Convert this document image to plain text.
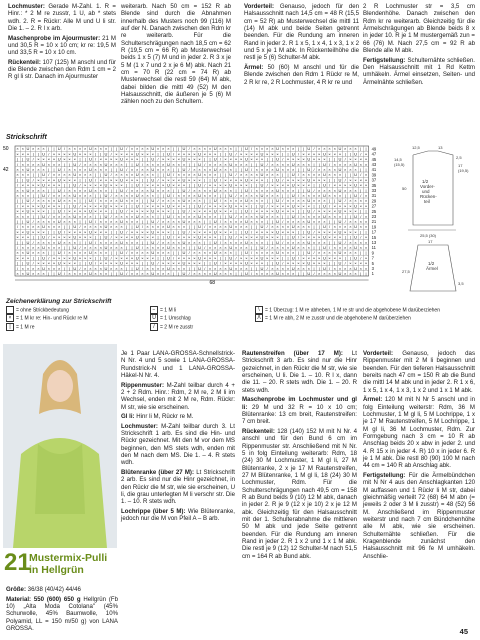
Lochmuster: Gerade M-Zahl. 1. R = Hinr.: * 2 M re zusstr, 1 U, ab * stets wdh. 2. R = Rückr: Alle M und U li str. Die 1. – 2. R l x arb.

Maschenprobe im Ajourmuster: 21 M und 30,5 R = 10 x 10 cm; kr re: 19,5 M und 33,5 R = 10 x 10 cm.

Rückenteil: 107 (125) M anschl und für die Blende zwischen den Rdm 1 cm = 2 R gl li str. Danach im Ajourmuster

weiterarb. Nach 50 cm = 152 R ab Blende sind durch die Abnahmen innerhalb des Musters noch 99 (116) M auf der N. Danach zwischen den Rdm kr re weiterarb. Für die Schulterschrägungen nach 18,5 cm = 62 R (19,5 cm = 66 R) ab Musterwechsel beids 1 x 5 (7) M und in jeder 2. R 3 x je 5 M (1 x 7 und 2 x je 6 M) abk. Nach 21 cm = 70 R (22 cm = 74 R) ab Musterwechsel die restl 59 (64) M abk, dabei bilden die mittl 49 (52) M den Halsausschnitt, die äußeren je 5 (6) M zählen noch zu den Schultern.

Vorderteil: Genauso, jedoch für den Halsausschnitt nach 14,5 cm = 48 R (15,5 cm = 52 R) ab Musterwechsel die mittl 11 (14) M abk und beide Seiten getrennt beenden. Für die Rundung am inneren Rand in jeder 2. R 1 x 5, 1 x 4, 1 x 3, 1 x 2 und 5 x je 1 M abk. In Rückenteilhöhe die restl je 5 (6) Schulter-M abk.

Ärmel: 50 (60) M anschl und für die Blende zwischen den Rdm 1 Rückr re M, 2 R kr re, 2 R Lochmuster, 4 R kr re und

2 R Lochmuster str = 3,5 cm Blendenhöhe. Danach zwischen den Rdm kr re weiterarb. Gleichzeitig für die Ärmelschrägungen ab Blende beids 8 x in jeder 10. R je 1 M mustergemäß zun = 66 (76) M. Nach 27,5 cm = 92 R ab Blende alle M abk.

Fertigstellung: Schulternähte schließen. Den Halsausschnitt mit 1 Rd Kettm umhäkeln. Ärmel einsetzen, Seiten- und Ärmelnähte schließen.

Strickschrift
× × U × × × | | U / × × × × U × × × | | U / × × × × U × × × | | U / × × × × U × × × | | U / × × × × U × × × | | U / × × × × U × × × | | 49
× × × | | U / × × × × U × × × | | U / × × × × U × × × | | U / × × × × U × × × | | U / × × × × U × × × | | U / × × × × U × × × | | U / × 47
| | U / × × × × U × × × | | U / × × × × U × × × | | U / × × × × U × × × | | U / × × × × U × × × | | U / × × × × U × × × | | U / × × × × 45
/ × × × × U × × × | | U / × × × × U × × × | | U / × × × × U × × × | | U / × × × × U × × × | | U / × × × × U × × × | | U / × × × × U × × 43
× × U × × × | | U / × × × × U × × × | | U / × × × × U × × × | | U / × × × × U × × × | | U / × × × × U × × × | | U / × × × × U × × × | | 41
× × × | | U / × × × × U × × × | | U / × × × × U × × × | | U / × × × × U × × × | | U / × × × × U × × × | | U / × × × × U × × × | | U / × 39
| | U / × × × × U × × × | | U / × × × × U × × × | | U / × × × × U × × × | | U / × × × × U × × × | | U / × × × × U × × × | | U / × × × × 37
/ × × × × U × × × | | U / × × × × U × × × | | U / × × × × U × × × | | U / × × × × U × × × | | U / × × × × U × × × | | U / × × × × U × × 35
× × U × × × | | U / × × × × U × × × | | U / × × × × U × × × | | U / × × × × U × × × | | U / × × × × U × × × | | U / × × × × U × × × | | 33
× × × | | U / × × × × U × × × | | U / × × × × U × × × | | U / × × × × U × × × | | U / × × × × U × × × | | U / × × × × U × × × | | U / × 31
| | U / × × × × U × × × | | U / × × × × U × × × | | U / × × × × U × × × | | U / × × × × U × × × | | U / × × × × U × × × | | U / × × × × 29
/ × × × × U × × × | | U / × × × × U × × × | | U / × × × × U × × × | | U / × × × × U × × × | | U / × × × × U × × × | | U / × × × × U × × 27
× × U × × × | | U / × × × × U × × × | | U / × × × × U × × × | | U / × × × × U × × × | | U / × × × × U × × × | | U / × × × × U × × × | | 25
× × × | | U / × × × × U × × × | | U / × × × × U × × × | | U / × × × × U × × × | | U / × × × × U × × × | | U / × × × × U × × × | | U / × 23
| | U / × × × × U × × × | | U / × × × × U × × × | | U / × × × × U × × × | | U / × × × × U × × × | | U / × × × × U × × × | | U / × × × × 21
/ × × × × U × × × | | U / × × × × U × × × | | U / × × × × U × × × | | U / × × × × U × × × | | U / × × × × U × × × | | U / × × × × U × × 19
× × U × × × | | U / × × × × U × × × | | U / × × × × U × × × | | U / × × × × U × × × | | U / × × × × U × × × | | U / × × × × U × × × | | 17
× × × | | U / × × × × U × × × | | U / × × × × U × × × | | U / × × × × U × × × | | U / × × × × U × × × | | U / × × × × U × × × | | U / × 15
| | U / × × × × U × × × | | U / × × × × U × × × | | U / × × × × U × × × | | U / × × × × U × × × | | U / × × × × U × × × | | U / × × × × 13
/ × × × × U × × × | | U / × × × × U × × × | | U / × × × × U × × × | | U / × × × × U × × × | | U / × × × × U × × × | | U / × × × × U × × 11
× × U × × × | | U / × × × × U × × × | | U / × × × × U × × × | | U / × × × × U × × × | | U / × × × × U × × × | | U / × × × × U × × × | | 9
× × × | | U / × × × × U × × × | | U / × × × × U × × × | | U / × × × × U × × × | | U / × × × × U × × × | | U / × × × × U × × × | | U / × 7
| | U / × × × × U × × × | | U / × × × × U × × × | | U / × × × × U × × × | | U / × × × × U × × × | | U / × × × × U × × × | | U / × × × × 5
/ × × × × U × × × | | U / × × × × U × × × | | U / × × × × U × × × | | U / × × × × U × × × | | U / × × × × U × × × | | U / × × × × U × × 3
× × U × × × | | U / × × × × U × × × | | U / × × × × U × × × | | U / × × × × U × × × | | U / × × × × U × × × | | U / × × × × U × × × | | 1
50
42
68
12,5	13
2,5
14,5
(15,5)	17
(19,5)
50
1/2 Vorder-und Rücken-teil
25,5 (30)
1/2 Ärmel
17
27,5
3,5
Zeichenerklärung zur Strickschrift
= ohne Strickbedeutung
× = 1 M kr re: Hin- und Rückr re M
| = 1 M re
− = 1 M li
U = 1 Umschlag
/ = 2 M re zusstr
\ = 1 Überzug: 1 M re abheben, 1 M re str und die abgehobene M darüberziehen
Λ = 1 M re abh, 2 M re zusstr und die abgehobene M darüberziehen
21
Mustermix-Pulli
in Hellgrün

Größe: 36/38 (40/42) 44/46

Material: 550 (600) 650 g Hellgrün (Fb 10) „Alta Moda Cotolana" (45% Schurwolle, 45% Baumwolle, 10% Polyamid, LL = 150 m/50 g) von LANA GROSSA.

Je 1 Paar LANA-GROSSA-Schnellstrick-N Nr. 4 und 5 sowie 1 LANA-GROSSA-Rundstrick-N und 1 LANA-GROSSA-Häkel-N Nr. 4.

Rippenmuster: M-Zahl teilbar durch 4 + 2 + 2 Rdm. Hinr.: Rdm, 2 M re, 2 M li im Wechsel, enden mit 2 M re, Rdm. Rückr: M str, wie sie erscheinen.

Gl li: Hinr li M, Rückr re M.

Lochmuster: M-Zahl teilbar durch 3. Lt Strickschrift 1 arb. Es sind die Hin- und Rückr gezeichnet. Mit den M vor dem MS beginnen, den MS stets wdh, enden mit den M nach dem MS. Die 1. – 4. R stets wdh.

Blütenranke (über 27 M): Lt Strickschrift 2 arb. Es sind nur die Hinr gezeichnet, in den Rückr die M str, wie sie erscheinen, U li, die grau unterlegten M li verschr str. Die 1. – 10. R stets wdh.

Lochrippe (über 5 M): Wie Blütenranke, jedoch nur die M von Pfeil A – B arb.

Rautenstreifen (über 17 M): Lt Strickschrift 3 arb. Es sind nur die Hinr gezeichnet, in den Rückr die M str, wie sie erscheinen, U li. Die 1. – 10. R l x, dann die 11. – 20. R stets wdh. Die 1. – 20. R stets wdh.

Maschenprobe im Lochmuster und gl li: 29 M und 32 R = 10 x 10 cm; Blütenranke: 13 cm breit, Rautenstreifen: 7 cm breit.

Rückenteil: 128 (140) 152 M mit N Nr. 4 anschl und für den Bund 6 cm im Rippenmuster str. Anschließend mit N Nr. 5 in folg Einteilung weiterarb: Rdm, 18 (24) 30 M Lochmuster, 1 M gl li, 27 M Blütenranke, 2 x je 17 M Rautenstreifen, 27 M Blütenranke, 1 M gl li, 18 (24) 30 M Lochmuster, Rdm. Für die Schulterschrägungen nach 49,5 cm = 158 R ab Bund beids 9 (10) 12 M abk, danach in jeder 2. R je 9 (12 x je 10) 2 x je 12 M abk. Gleichzeitig für den Halsausschnitt mit der 1. Schulterabnahme die mittleren 50 M abk und jede Seite getrennt beenden. Für die Rundung am inneren Rand in jeder 2. R 1 x 2 und 1 x 1 M abk. Die restl je 9 (12) 12 Schulter-M nach 51,5 cm = 164 R ab Bund abk.

Vorderteil: Genauso, jedoch das Rippenmuster mit 2 M li beginnen und beenden. Für den tieferen Halsausschnitt bereits nach 47 cm = 150 R ab die Bund die mittl 14 M abk und in jeder 2. R 1 x 6, 1 x 5, 1 x 4, 1 x 3, 1 x 2 und 1 x 1 M abk.

Ärmel: 120 M mit N Nr 5 anschl und in folg Einteilung weiterstr: Rdm, 36 M Lochmuster, 1 M gl li, 5 M Lochrippe, 1 x je 17 M Rautenstreifen, 5 M Lochrippe, 1 M gl li, 36 M Lochmuster, Rdm. Zur Formgebung nach 3 cm = 10 R ab Anschlag beids 20 x abw in jeder 2. und 4. R 15 x in jeder 4. R) 10 x in jeder 6. R je 1 M abk. Die restl 80 (90) 100 M nach 44 cm = 140 R ab Anschlag abk.

Fertigstellung: Für die Ärmelbündchen mit N Nr 4 aus den Anschlagkanten 120 M auffassen und 1 Rückr li M str, dabei gleichmäßig verteilt 72 (68) 64 M abn (= jeweils 2 oder 3 M li zusstr) = 48 (52) 56 M. Anschließend im Rippenmuster weiterstr und nach 7 cm Bündchenhöhe alle M abk, wie sie erscheinen. Schulternähte schließen. Für die Kragenblende zunächst den Halsausschnitt mit 96 fe M umhäkeln. Anschlie-

45
